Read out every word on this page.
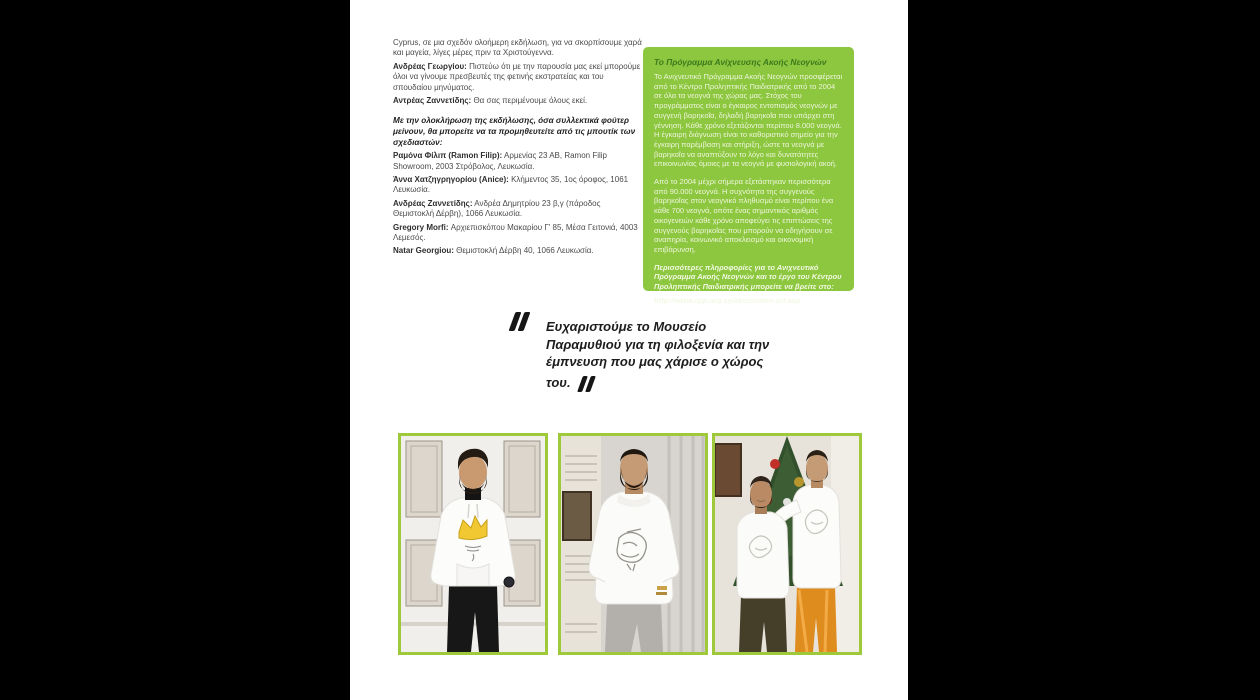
Cyprus, σε μια σχεδόν ολοήμερη εκδήλωση, για να σκορπίσουμε χαρά και μαγεία, λίγες μέρες πριν τα Χριστούγεννα.

Ανδρέας Γεωργίου: Πιστεύω ότι με την παρουσία μας εκεί μπορούμε όλοι να γίνουμε πρεσβευτές της φετινής εκστρατείας και του σπουδαίου μηνύματος.

Αντρέας Ζαννετίδης: Θα σας περιμένουμε όλους εκεί.

Με την ολοκλήρωση της εκδήλωσης, όσα συλλεκτικά φούτερ μείνουν, θα μπορείτε να τα προμηθευτείτε από τις μπουτίκ των σχεδιαστών:

Ραμόνα Φίλιπ (Ramon Filip): Αρμενίας 23 ΑΒ, Ramon Filip Showroom, 2003 Στρόβολος, Λευκωσία.

Άννα Χατζηγρηγορίου (Anice): Κλήμεντος 35, 1ος όροφος, 1061 Λευκωσία.

Ανδρέας Ζαννετίδης: Ανδρέα Δημητρίου 23 β,γ (πάροδος Θεμιστοκλή Δέρβη), 1066 Λευκωσία.

Gregory Morfi: Αρχιεπισκόπου Μακαρίου Γ' 85, Μέσα Γειτονιά, 4003 Λεμεσός.

Natar Georgiou: Θεμιστοκλή Δέρβη 40, 1066 Λευκωσία.

Το Πρόγραμμα Ανίχνευσης Ακοής Νεογνών

Το Ανιχνευτικό Πρόγραμμα Ακοής Νεογνών προσφέρεται από το Κέντρο Προληπτικής Παιδιατρικής από το 2004 σε όλα τα νεογνά της χώρας μας. Στόχος του προγράμματος είναι ο έγκαιρος εντοπισμός νεογνών με συγγενή βαρηκοΐα, δηλαδή βαρηκοΐα που υπάρχει στη γέννηση. Κάθε χρόνο εξετάζονται περίπου 8.000 νεογνά. Η έγκαιρη διάγνωση είναι το καθοριστικό σημείο για την έγκαιρη παρέμβαση και στήριξη, ώστε τα νεογνά με βαρηκοΐα να αναπτύξουν το λόγο και δυνατότητες επικοινωνίας όμοιες με τα νεογνά με φυσιολογική ακοή.

Από το 2004 μέχρι σήμερα εξετάστηκαν περισσότερα από 90.000 νεογνά. Η συχνότητα της συγγενούς βαρηκοΐας στον νεογνικό πληθυσμό είναι περίπου ένα κάθε 700 νεογνά, οπότε ένας σημαντικός αριθμός οικογενειών κάθε χρόνο αποφεύγει τις επιπτώσεις της συγγενούς βαρηκοΐας που μπορούν να οδηγήσουν σε αναπηρία, κοινωνικό αποκλεισμό και οικονομική επιβάρυνση.

Περισσότερες πληροφορίες για το Ανιχνευτικό Πρόγραμμα Ακοής Νεογνών και το έργο του Κέντρου Προληπτικής Παιδιατρικής μπορείτε να βρείτε στο:

http://www.cpp.org.cy/akoiscreen-art.asp

Ευχαριστούμε το Μουσείο Παραμυθιού για τη φιλοξενία και την έμπνευση που μας χάρισε ο χώρος του.
